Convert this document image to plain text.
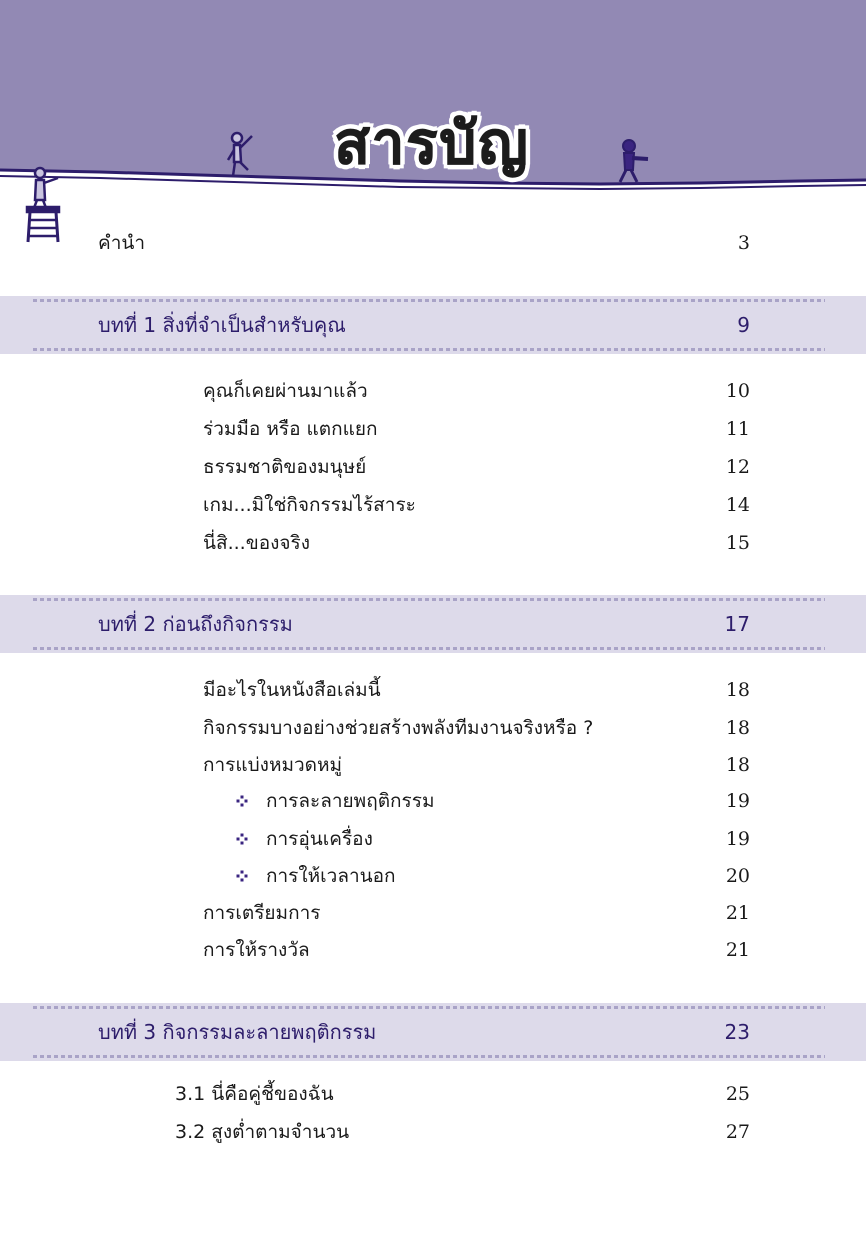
สารบัญ
คำนำ	3
บทที่ 1 สิ่งที่จำเป็นสำหรับคุณ	9
คุณก็เคยผ่านมาแล้ว	10
ร่วมมือ หรือ แตกแยก	11
ธรรมชาติของมนุษย์	12
เกม...มิใช่กิจกรรมไร้สาระ	14
นี่สิ...ของจริง	15
บทที่ 2 ก่อนถึงกิจกรรม	17
มีอะไรในหนังสือเล่มนี้	18
กิจกรรมบางอย่างช่วยสร้างพลังทีมงานจริงหรือ ?	18
การแบ่งหมวดหมู่	18
การละลายพฤติกรรม	19
การอุ่นเครื่อง	19
การให้เวลานอก	20
การเตรียมการ	21
การให้รางวัล	21
บทที่ 3 กิจกรรมละลายพฤติกรรม	23
3.1 นี่คือคู่ชี้ของฉัน	25
3.2 สูงต่ำตามจำนวน	27
